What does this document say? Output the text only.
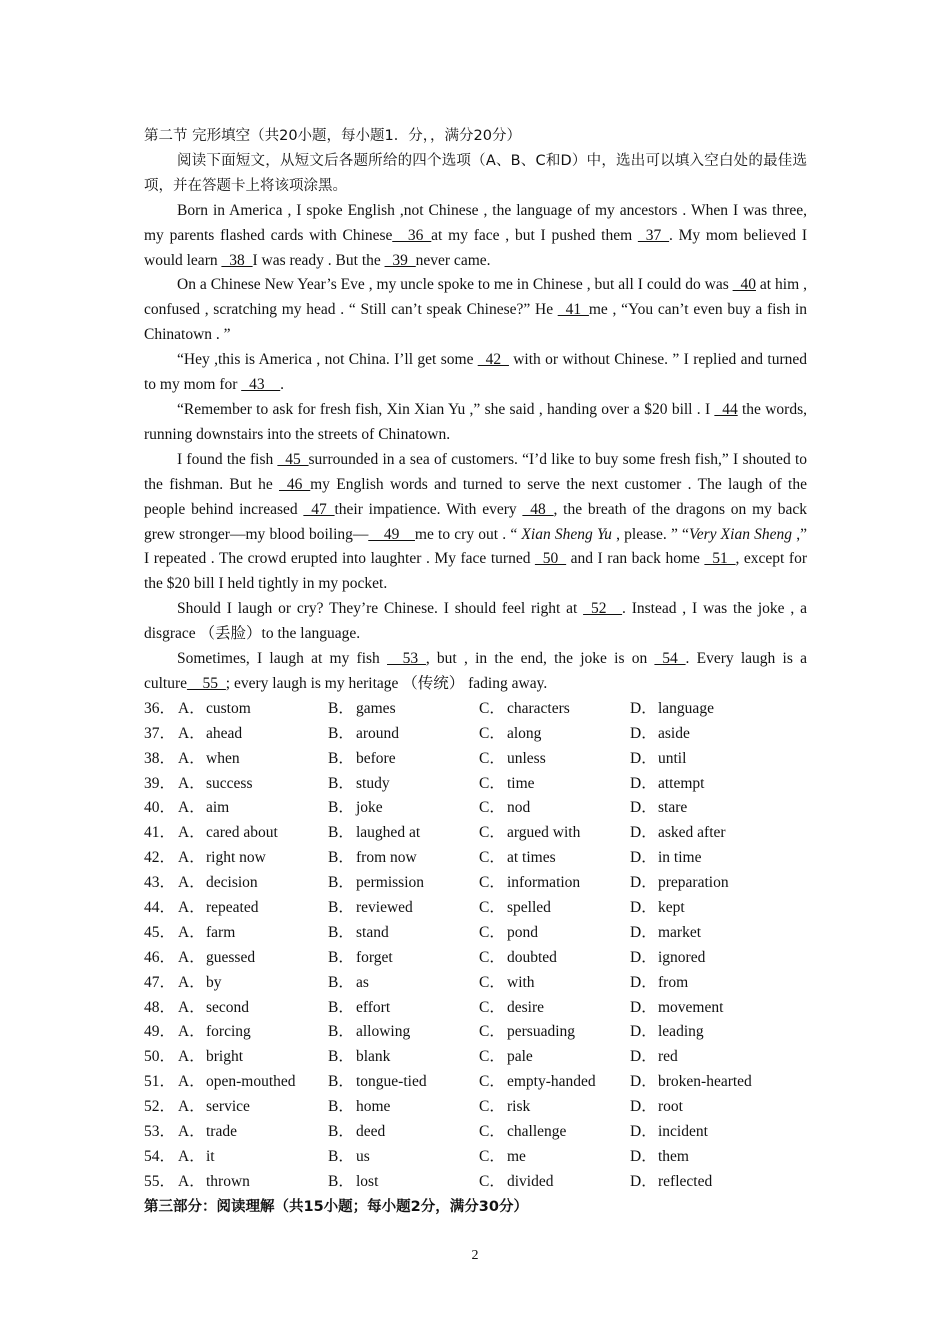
第二节 完形填空（共20小题，每小题1．分，，满分20分）

阅读下面短文，从短文后各题所给的四个选项（A、B、C和D）中，选出可以填入空白处的最佳选项，并在答题卡上将该项涂黑。

Born in America , I spoke English ,not Chinese , the language of my ancestors . When I was three, my parents flashed cards with Chinese__36_at my face , but I pushed them _37_. My mom believed I would learn _38_I was ready . But the _39_never came.

On a Chinese New Year’s Eve , my uncle spoke to me in Chinese , but all I could do was _40 at him , confused , scratching my head . “ Still can’t speak Chinese?” He _41_me , “You can’t even buy a fish in Chinatown . ”

“Hey ,this is America , not China. I’ll get some _42_ with or without Chinese. ” I replied and turned to my mom for _43__.

“Remember to ask for fresh fish, Xin Xian Yu ,” she said , handing over a $20 bill . I _44 the words, running downstairs into the streets of Chinatown.

I found the fish _45_surrounded in a sea of customers. “I’d like to buy some fresh fish,” I shouted to the fishman. But he _46_my English words and turned to serve the next customer . The laugh of the people behind increased _47_their impatience. With every _48_, the breath of the dragons on my back grew stronger—my blood boiling—__49__me to cry out . “ Xian Sheng Yu , please. ” “Very Xian Sheng ,” I repeated . The crowd erupted into laughter . My face turned _50_ and I ran back home _51_, except for the $20 bill I held tightly in my pocket.

Should I laugh or cry? They’re Chinese. I should feel right at _52__. Instead , I was the joke , a disgrace （丢脸）to the language.

Sometimes, I laugh at my fish __53_, but , in the end, the joke is on _54_. Every laugh is a culture__55_; every laugh is my heritage （传统） fading away.

36． A． custom	B． games	C． characters	D． language
37． A． ahead	B． around	C． along	D． aside
38． A． when	B． before	C． unless	D． until
39． A． success	B． study	C． time	D． attempt
40． A． aim	B． joke	C． nod	D． stare
41． A． cared about	B． laughed at	C． argued with	D． asked after
42． A． right now	B． from now	C． at times	D． in time
43． A． decision	B． permission	C． information	D． preparation
44． A． repeated	B． reviewed	C． spelled	D． kept
45． A． farm	B． stand	C． pond	D． market
46． A． guessed	B． forget	C． doubted	D． ignored
47． A． by	B． as	C． with	D． from
48． A． second	B． effort	C． desire	D． movement
49． A． forcing	B． allowing	C． persuading	D． leading
50． A． bright	B． blank	C． pale	D． red
51． A． open-mouthed B． tongue-tied	C． empty-handed D． broken-hearted
52． A． service	B． home	C． risk	D． root
53． A． trade	B． deed	C． challenge	D． incident
54． A． it	B． us	C． me	D． them
55． A． thrown	B． lost	C． divided	D． reflected
第三部分：阅读理解（共15小题；每小题2分，满分30分）
2
